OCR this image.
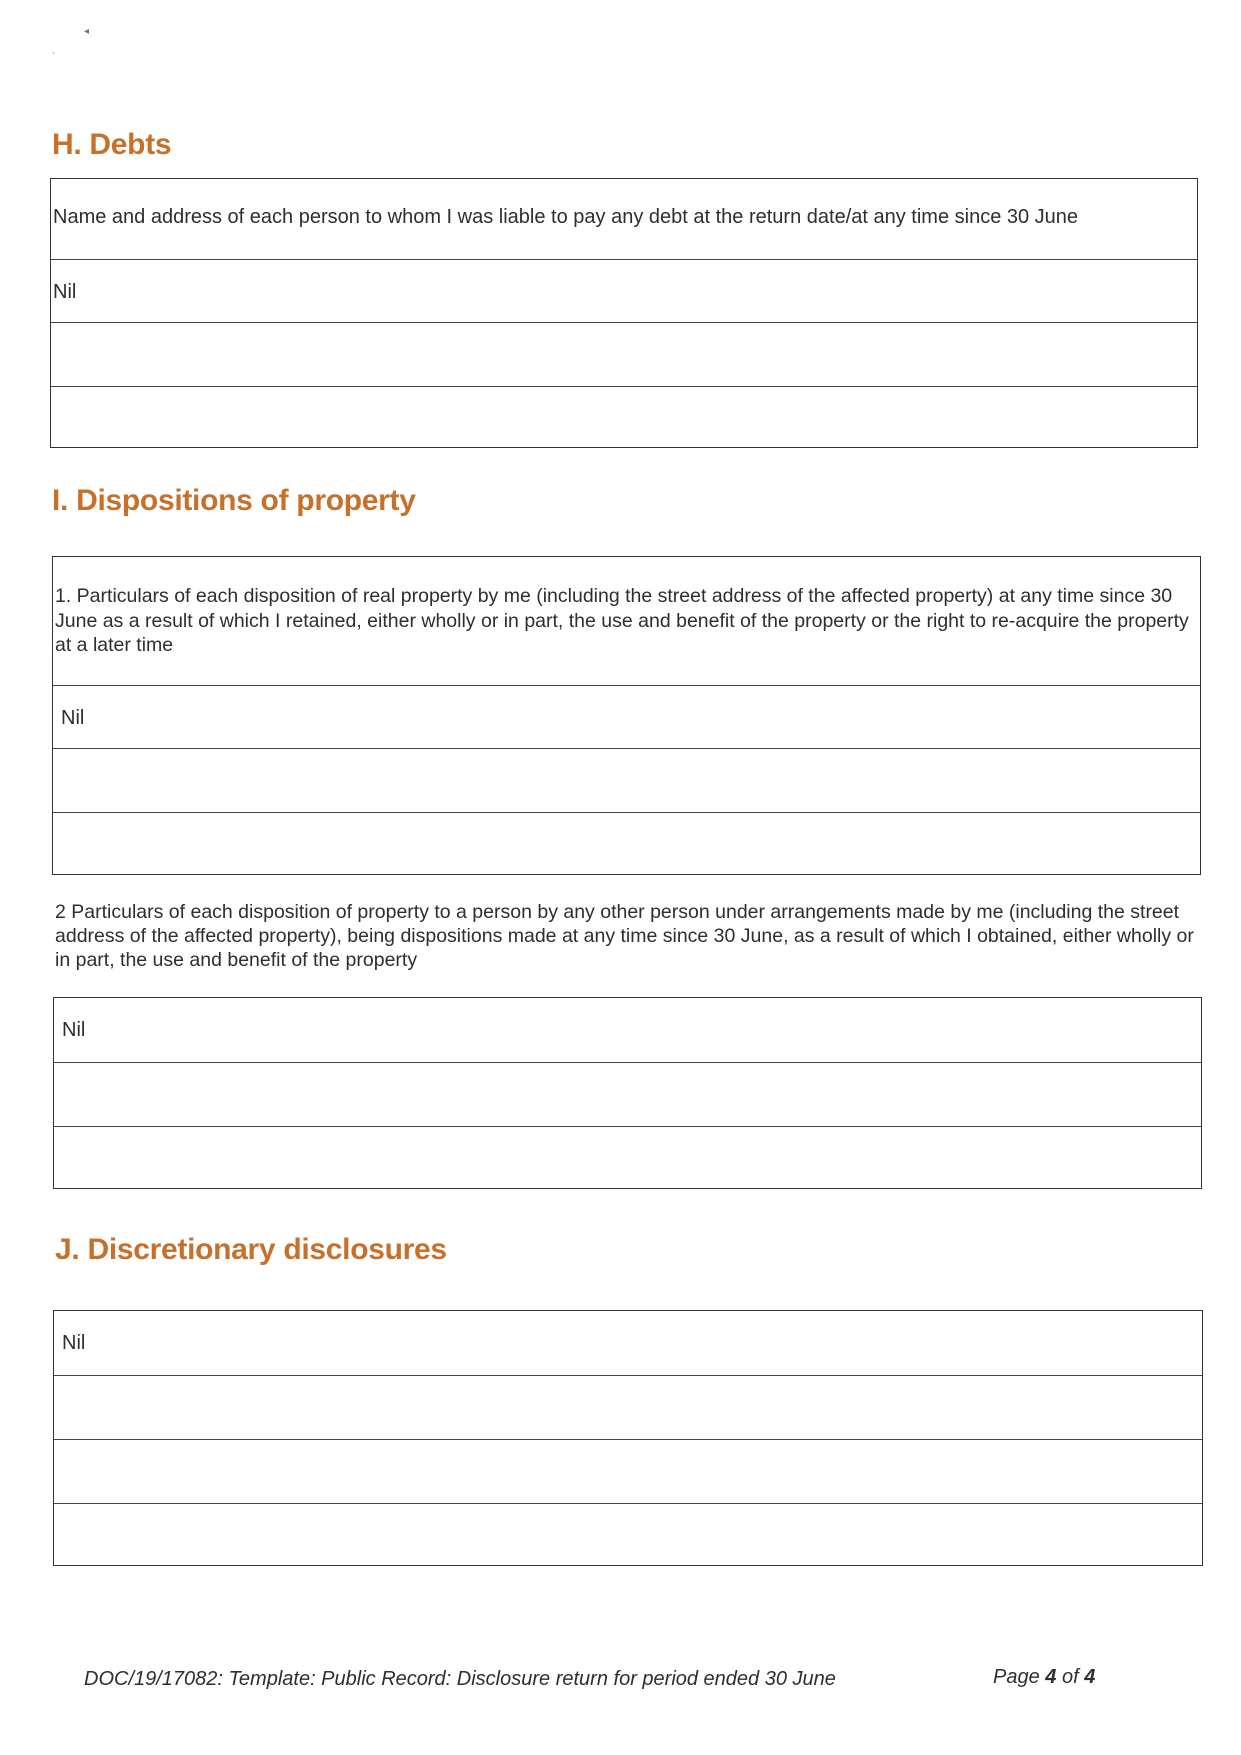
◂
`
H. Debts
Name and address of each person to whom I was liable to pay any debt at the return date/at any time since 30 June
Nil
I. Dispositions of property
1. Particulars of each disposition of real property by me (including the street address of the affected property) at any time since 30 June as a result of which I retained, either wholly or in part, the use and benefit of the property or the right to re-acquire the property at a later time
Nil
2 Particulars of each disposition of property to a person by any other person under arrangements made by me (including the street address of the affected property), being dispositions made at any time since 30 June, as a result of which I obtained, either wholly or in part, the use and benefit of the property
Nil
J. Discretionary disclosures
Nil
DOC/19/17082: Template: Public Record: Disclosure return for period ended 30 June	Page 4 of 4
